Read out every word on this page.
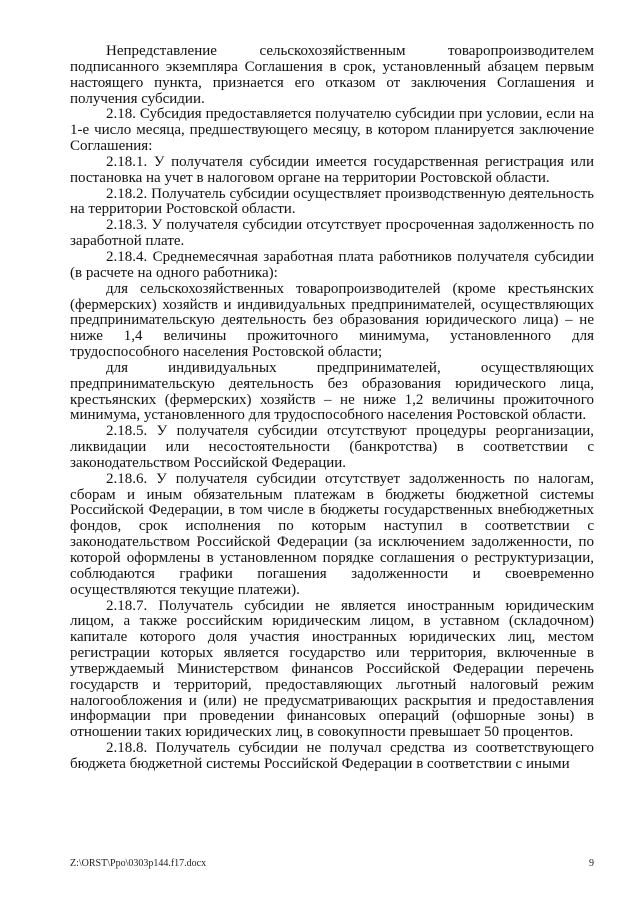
Непредставление сельскохозяйственным товаропроизводителем подписанного экземпляра Соглашения в срок, установленный абзацем первым настоящего пункта, признается его отказом от заключения Соглашения и получения субсидии.

2.18. Субсидия предоставляется получателю субсидии при условии, если на 1-е число месяца, предшествующего месяцу, в котором планируется заключение Соглашения:

2.18.1. У получателя субсидии имеется государственная регистрация или постановка на учет в налоговом органе на территории Ростовской области.

2.18.2. Получатель субсидии осуществляет производственную деятельность на территории Ростовской области.

2.18.3. У получателя субсидии отсутствует просроченная задолженность по заработной плате.

2.18.4. Среднемесячная заработная плата работников получателя субсидии (в расчете на одного работника):

для сельскохозяйственных товаропроизводителей (кроме крестьянских (фермерских) хозяйств и индивидуальных предпринимателей, осуществляющих предпринимательскую деятельность без образования юридического лица) – не ниже 1,4 величины прожиточного минимума, установленного для трудоспособного населения Ростовской области;

для индивидуальных предпринимателей, осуществляющих предпринимательскую деятельность без образования юридического лица, крестьянских (фермерских) хозяйств – не ниже 1,2 величины прожиточного минимума, установленного для трудоспособного населения Ростовской области.

2.18.5. У получателя субсидии отсутствуют процедуры реорганизации, ликвидации или несостоятельности (банкротства) в соответствии с законодательством Российской Федерации.

2.18.6. У получателя субсидии отсутствует задолженность по налогам, сборам и иным обязательным платежам в бюджеты бюджетной системы Российской Федерации, в том числе в бюджеты государственных внебюджетных фондов, срок исполнения по которым наступил в соответствии с законодательством Российской Федерации (за исключением задолженности, по которой оформлены в установленном порядке соглашения о реструктуризации, соблюдаются графики погашения задолженности и своевременно осуществляются текущие платежи).

2.18.7. Получатель субсидии не является иностранным юридическим лицом, а также российским юридическим лицом, в уставном (складочном) капитале которого доля участия иностранных юридических лиц, местом регистрации которых является государство или территория, включенные в утверждаемый Министерством финансов Российской Федерации перечень государств и территорий, предоставляющих льготный налоговый режим налогообложения и (или) не предусматривающих раскрытия и предоставления информации при проведении финансовых операций (офшорные зоны) в отношении таких юридических лиц, в совокупности превышает 50 процентов.

2.18.8. Получатель субсидии не получал средства из соответствующего бюджета бюджетной системы Российской Федерации в соответствии с иными

Z:\ORST\Ppo\0303p144.f17.docx	9
